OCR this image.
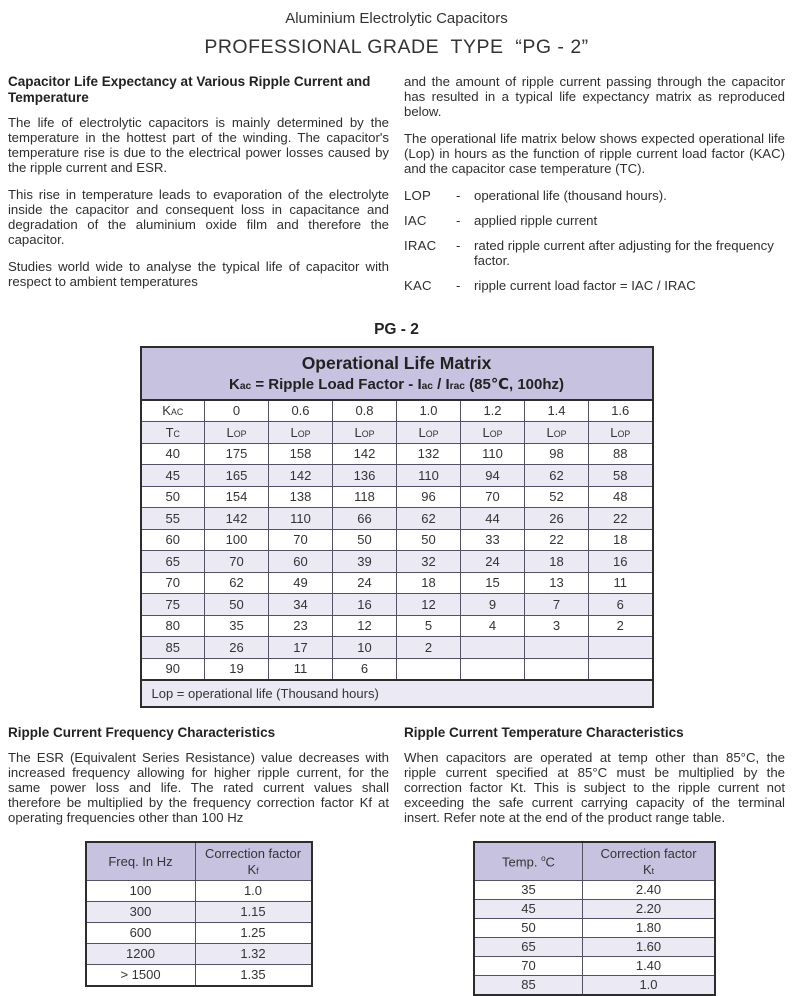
Aluminium Electrolytic Capacitors
PROFESSIONAL GRADE  TYPE  “PG - 2”
Capacitor Life Expectancy at Various Ripple Current and Temperature

The life of electrolytic capacitors is mainly determined by the temperature in the hottest part of the winding. The capacitor's temperature rise is due to the electrical power losses caused by the ripple current and ESR.

This rise in temperature leads to evaporation of the electrolyte inside the capacitor and consequent loss in capacitance and degradation of the aluminium oxide film and therefore the capacitor.

Studies world wide to analyse the typical life of capacitor with respect to ambient temperatures

and the amount of ripple current passing through the capacitor has resulted in a typical life expectancy matrix as reproduced below.

The operational life matrix below shows expected operational life (Lop) in hours as the function of ripple current load factor (KAC) and the capacitor case temperature (TC).

LOP	-	operational life (thousand hours).
IAC	-	applied ripple current
IRAC	-	rated ripple current after adjusting for the frequency factor.
KAC	-	ripple current load factor = IAC / IRAC
PG - 2
Operational Life Matrix
Kac = Ripple Load Factor - Iac / Irac (85℃, 100hz)							

KAC	0	0.6	0.8	1.0	1.2	1.4	1.6
TC	LOP	LOP	LOP	LOP	LOP	LOP	LOP
40	175	158	142	132	110	98	88
45	165	142	136	110	94	62	58
50	154	138	118	96	70	52	48
55	142	110	66	62	44	26	22
60	100	70	50	50	33	22	18
65	70	60	39	32	24	18	16
70	62	49	24	18	15	13	11
75	50	34	16	12	9	7	6
80	35	23	12	5	4	3	2
85	26	17	10	2			
90	19	11	6				
Lop = operational life (Thousand hours)							
Ripple Current Frequency Characteristics

The ESR (Equivalent Series Resistance) value decreases with increased frequency allowing for higher ripple current, for the same power loss and life. The rated current values shall therefore be multiplied by the frequency correction factor Kf at operating frequencies other than 100 Hz

Freq. In Hz	Correction factor
Kf

100	1.0
300	1.15
600	1.25
1200	1.32
> 1500	1.35
Ripple Current Temperature Characteristics

When capacitors are operated at temp other than 85°C, the ripple current specified at 85°C must be multiplied by the correction factor Kt. This is subject to the ripple current not exceeding the safe current carrying capacity of the terminal insert. Refer note at the end of the product range table.

Temp. $^o$C	Correction factor
Kt

35	2.40
45	2.20
50	1.80
65	1.60
70	1.40
85	1.0
